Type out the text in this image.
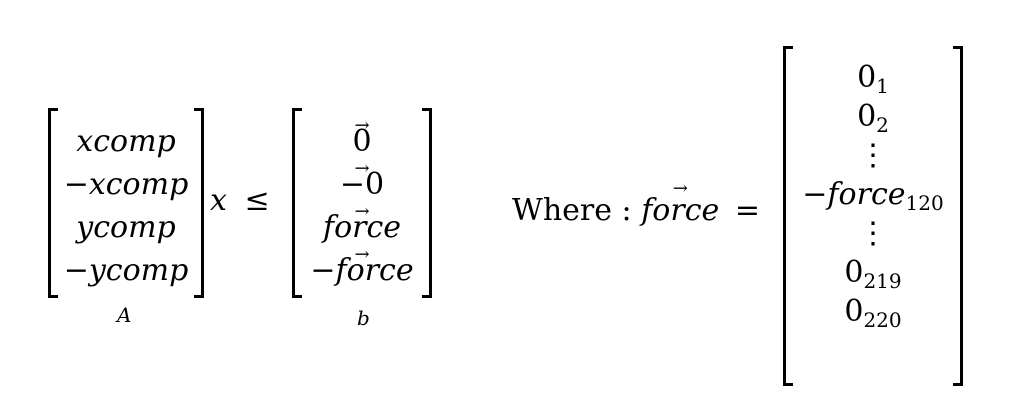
xcomp
−xcomp
ycomp
−ycomp
A
x ≤
→ 0
→ −0
→ force
→ −force
b
Where : → force =
$0_1$
$0_2$
⋮
−force$_{120}$
⋮
$0_{219}$
$0_{220}$
